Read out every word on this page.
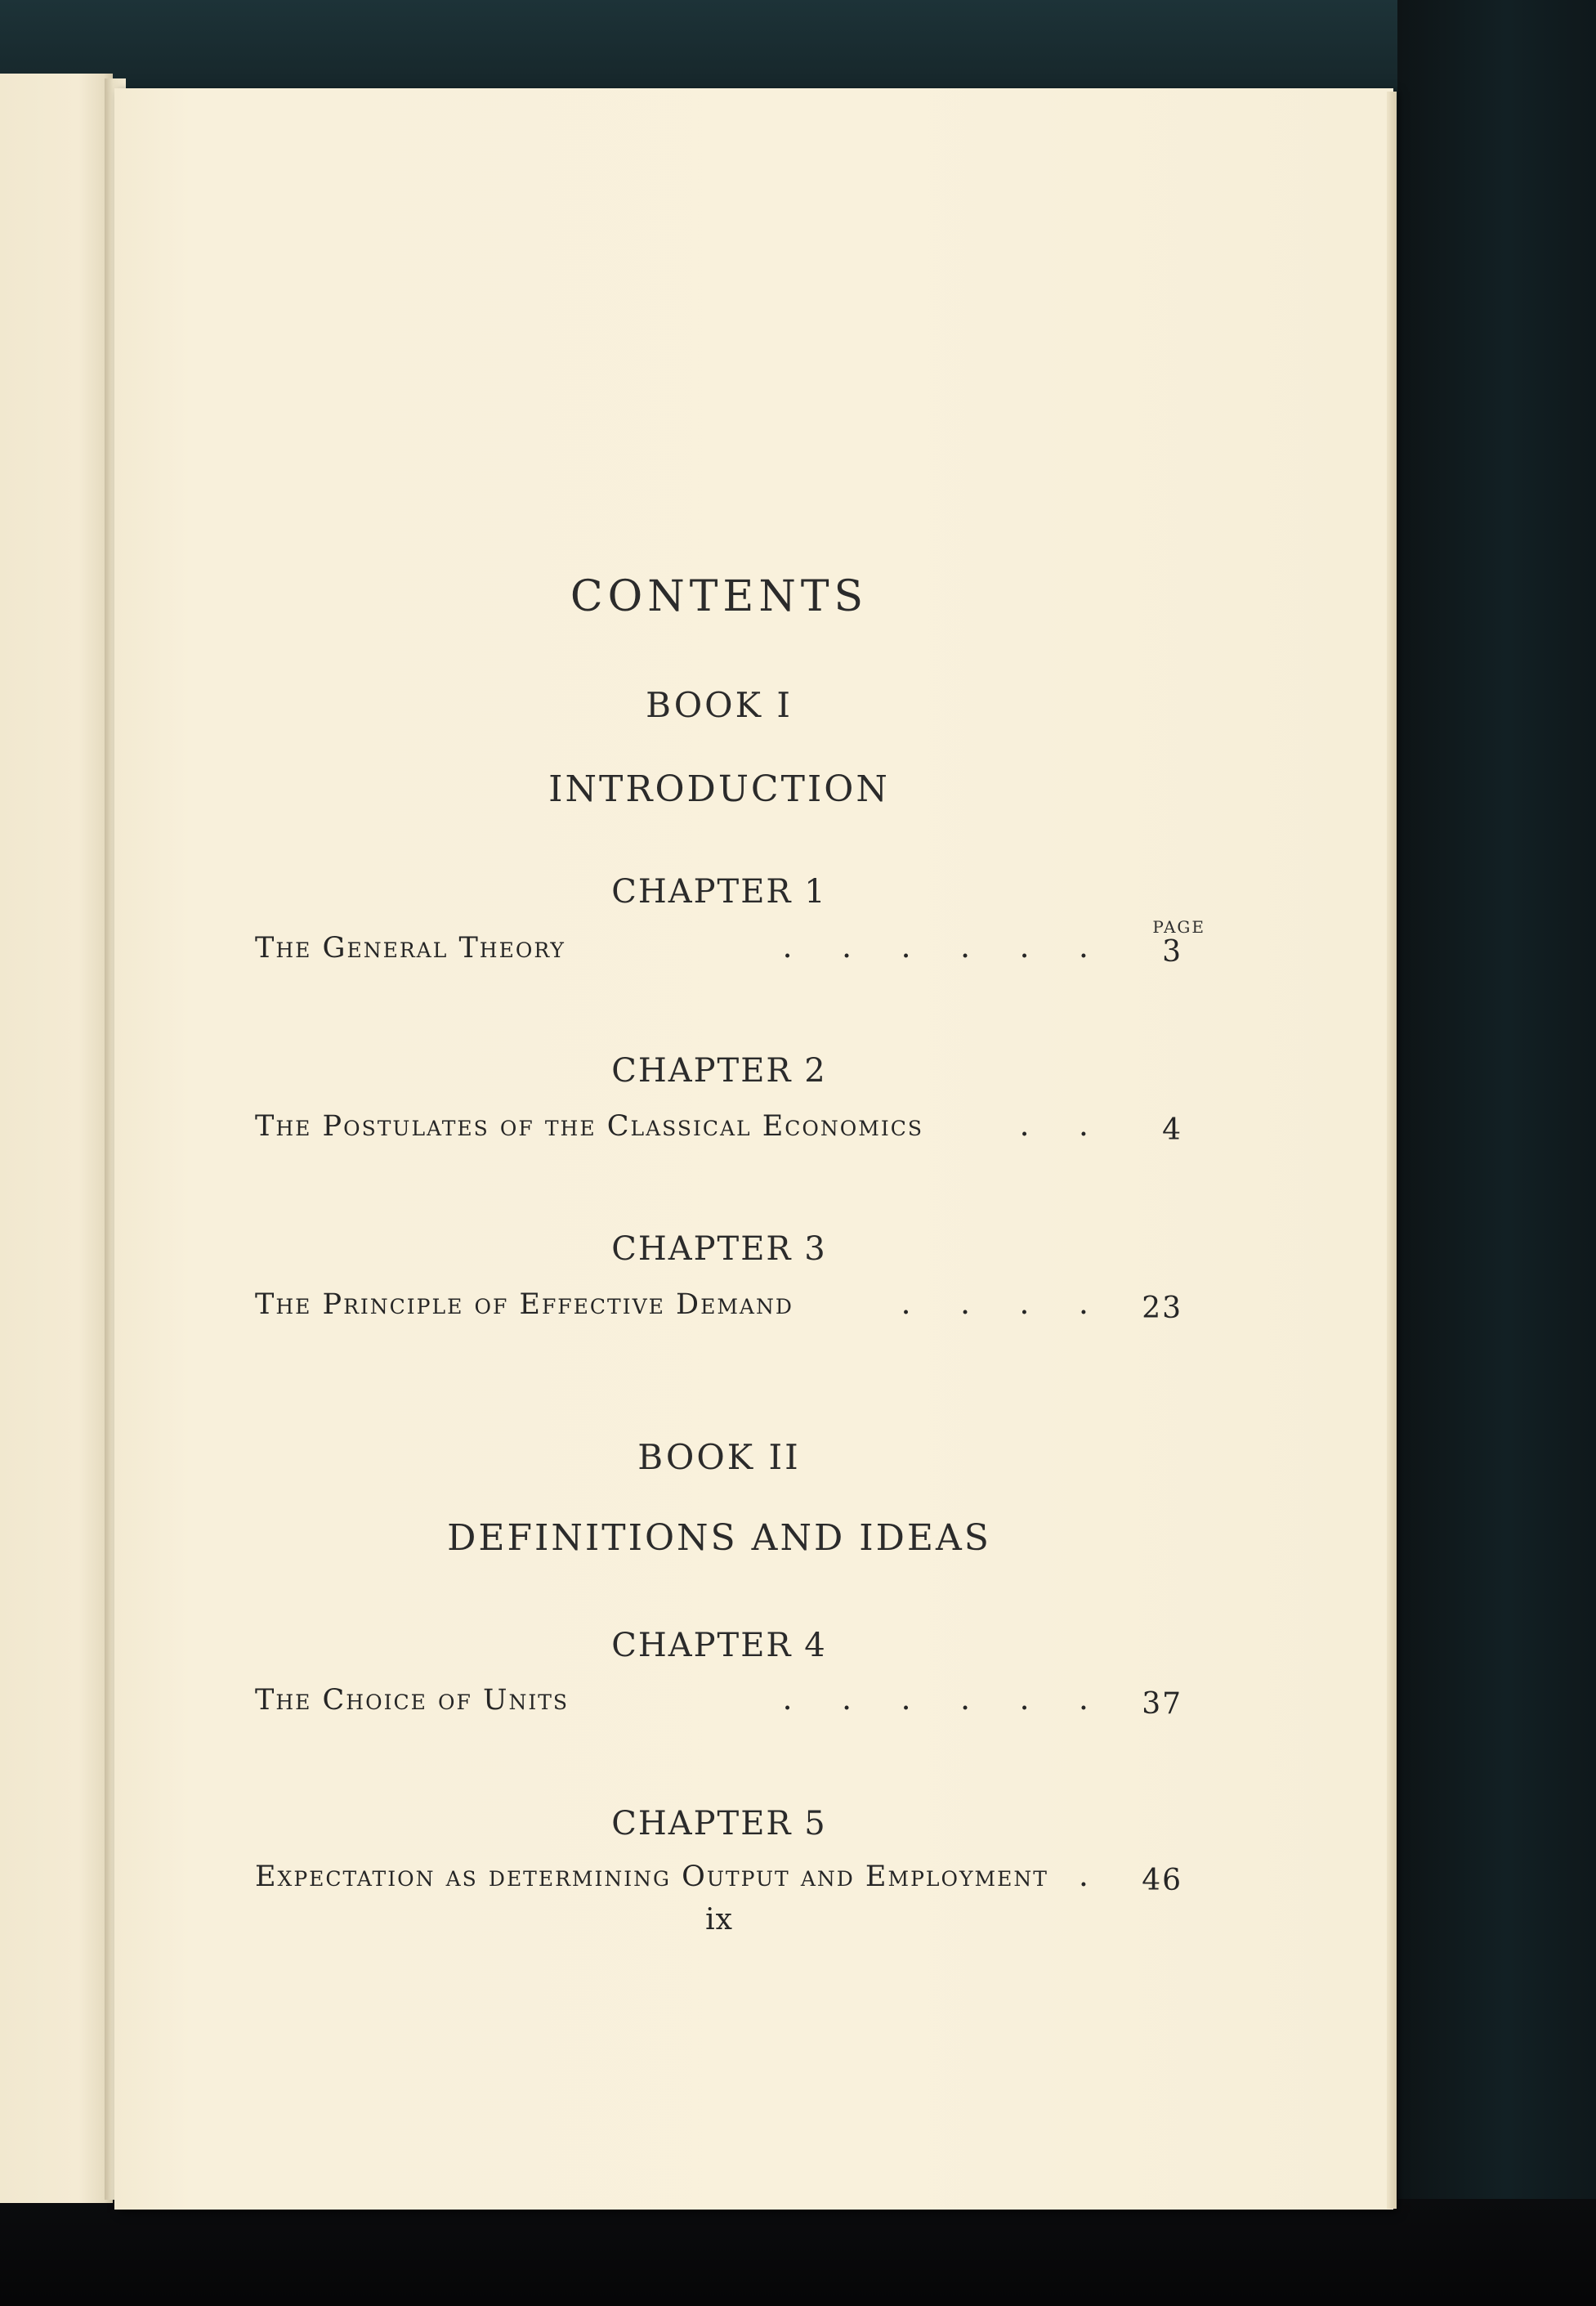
CONTENTS
BOOK I
INTRODUCTION
CHAPTER 1
PAGE
The General Theory	.     .     .     .     .     .	3
CHAPTER 2
The Postulates of the Classical Economics	.     .	4
CHAPTER 3
The Principle of Effective Demand	.     .     .     .	23
BOOK II
DEFINITIONS AND IDEAS
CHAPTER 4
The Choice of Units	.     .     .     .     .     .	37
CHAPTER 5
Expectation as determining Output and Employment .	46
ix
